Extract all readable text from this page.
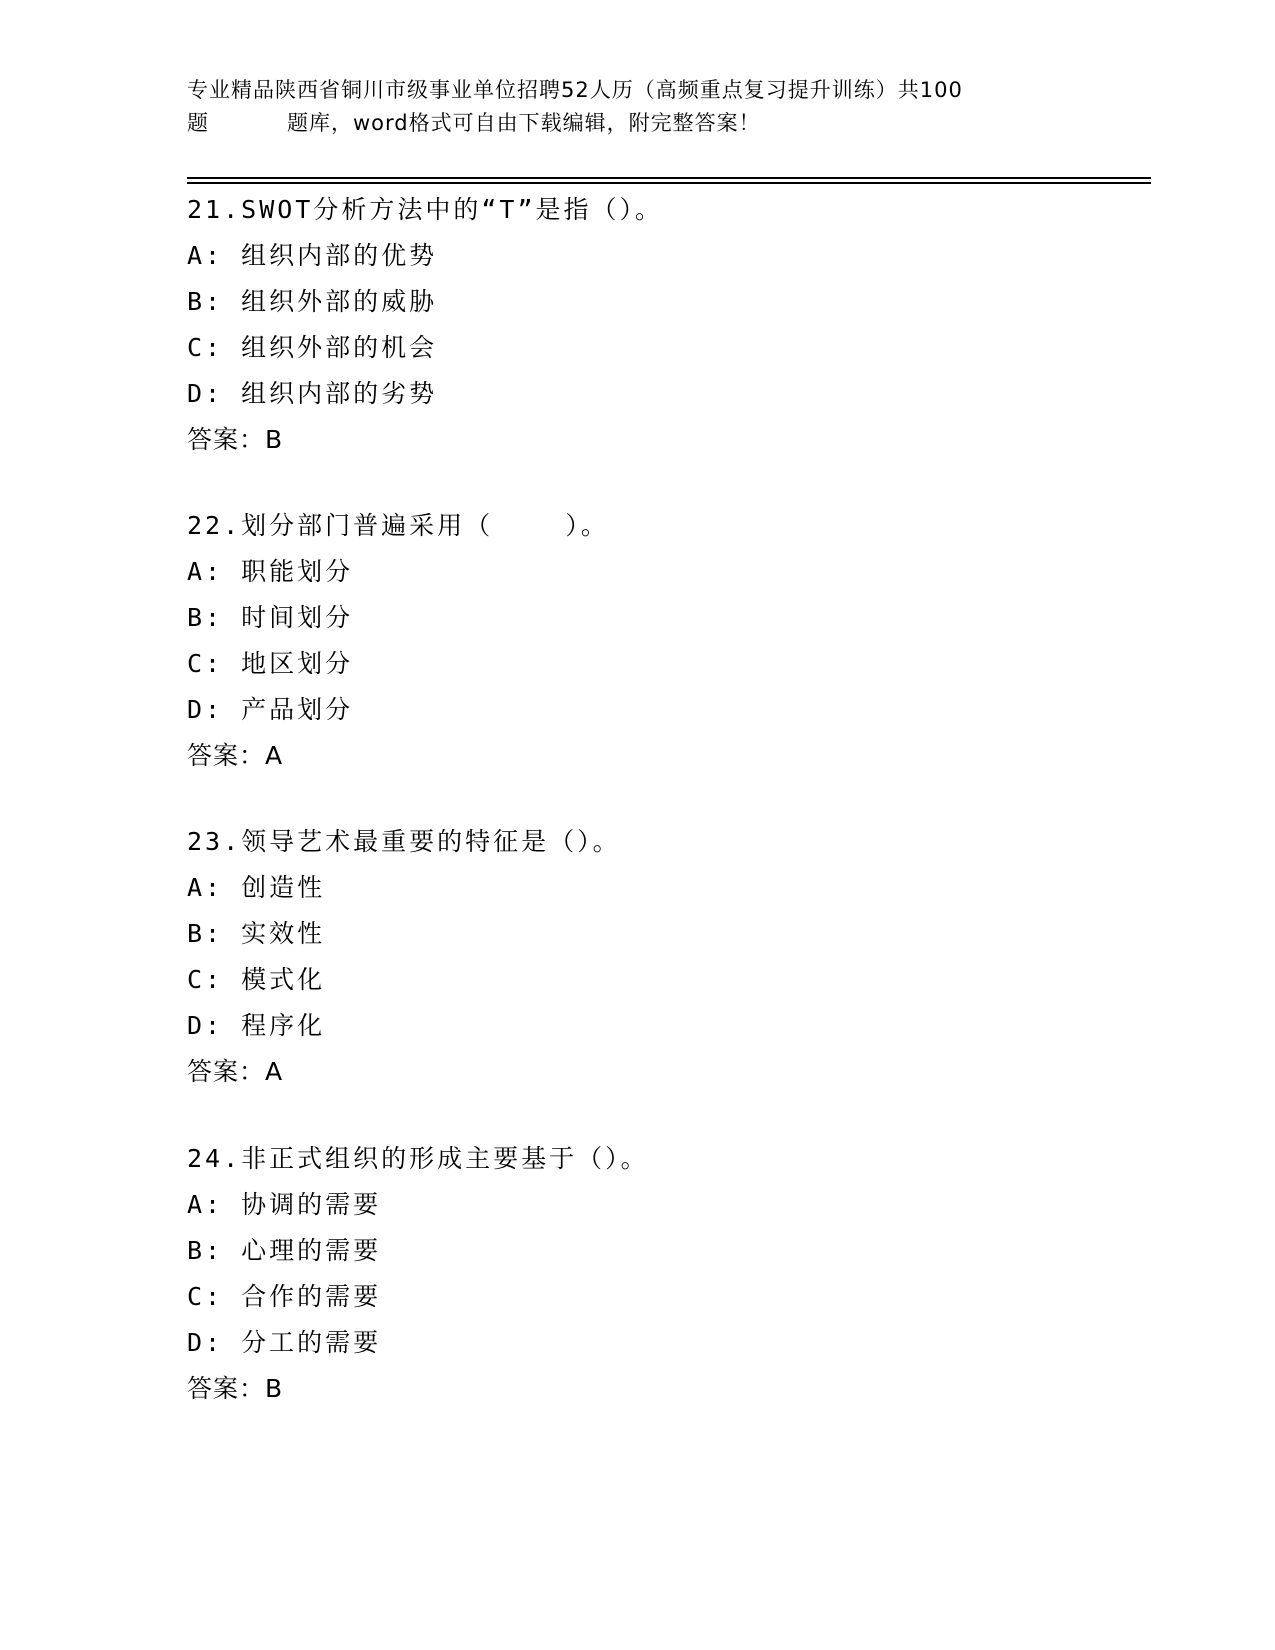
专业精品陕西省铜川市级事业单位招聘52人历（高频重点复习提升训练）共100
题	题库，word格式可自由下载编辑，附完整答案！
21.SWOT分析方法中的“T”是指（）。
A: 组织内部的优势
B: 组织外部的威胁
C: 组织外部的机会
D: 组织内部的劣势
答案：B
22.划分部门普遍采用（    ）。
A: 职能划分
B: 时间划分
C: 地区划分
D: 产品划分
答案：A
23.领导艺术最重要的特征是（）。
A: 创造性
B: 实效性
C: 模式化
D: 程序化
答案：A
24.非正式组织的形成主要基于（）。
A: 协调的需要
B: 心理的需要
C: 合作的需要
D: 分工的需要
答案：B
